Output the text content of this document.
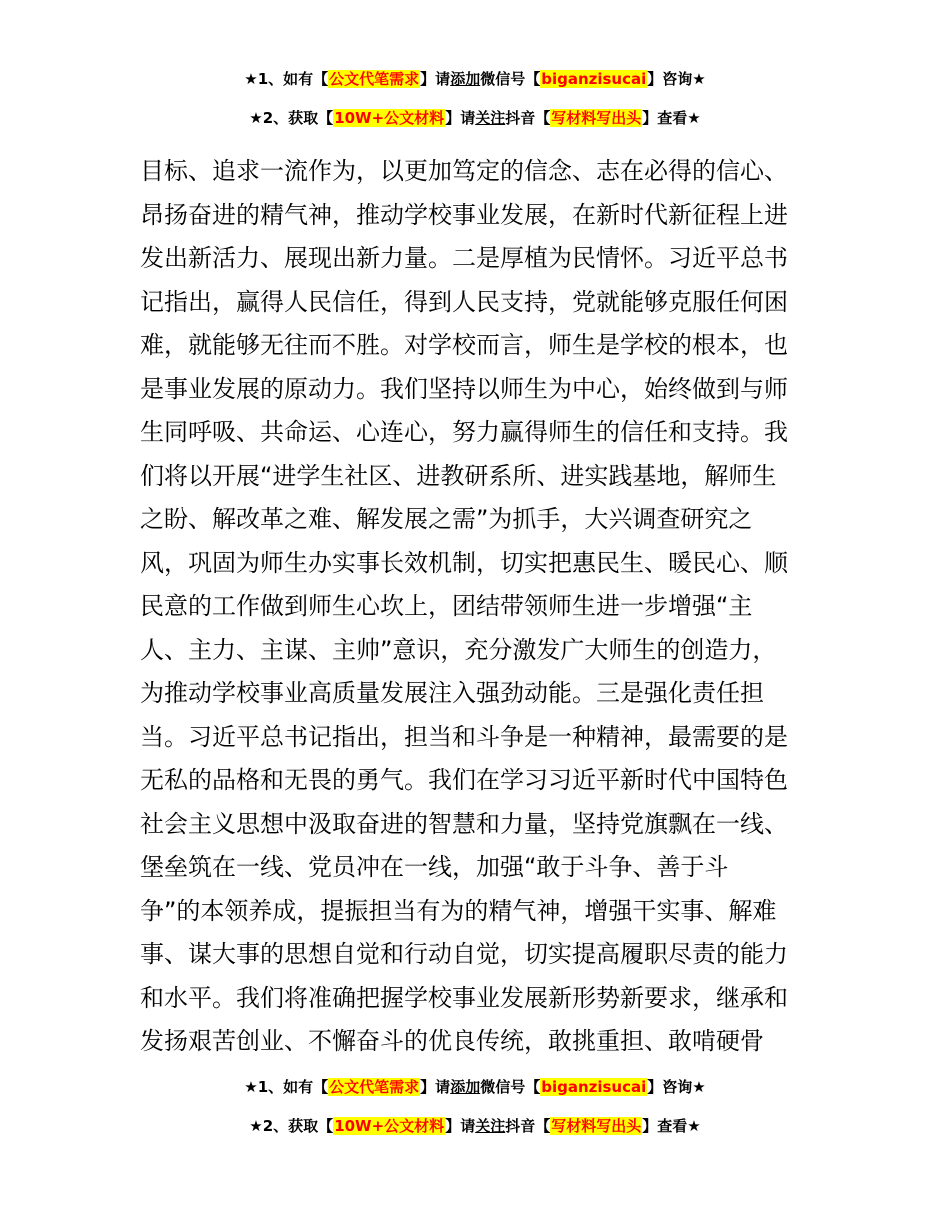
★1、如有【公文代笔需求】请添加微信号【biganzisucai】咨询★
★2、获取【10W+公文材料】请关注抖音【写材料写出头】查看★

目标、追求一流作为，以更加笃定的信念、志在必得的信心、
昂扬奋进的精气神，推动学校事业发展，在新时代新征程上进
发出新活力、展现出新力量。二是厚植为民情怀。习近平总书
记指出，赢得人民信任，得到人民支持，党就能够克服任何困
难，就能够无往而不胜。对学校而言，师生是学校的根本，也
是事业发展的原动力。我们坚持以师生为中心，始终做到与师
生同呼吸、共命运、心连心，努力赢得师生的信任和支持。我
们将以开展“进学生社区、进教研系所、进实践基地，解师生
之盼、解改革之难、解发展之需”为抓手，大兴调查研究之
风，巩固为师生办实事长效机制，切实把惠民生、暖民心、顺
民意的工作做到师生心坎上，团结带领师生进一步增强“主
人、主力、主谋、主帅”意识，充分激发广大师生的创造力，
为推动学校事业高质量发展注入强劲动能。三是强化责任担
当。习近平总书记指出，担当和斗争是一种精神，最需要的是
无私的品格和无畏的勇气。我们在学习习近平新时代中国特色
社会主义思想中汲取奋进的智慧和力量，坚持党旗飘在一线、
堡垒筑在一线、党员冲在一线，加强“敢于斗争、善于斗
争”的本领养成，提振担当有为的精气神，增强干实事、解难
事、谋大事的思想自觉和行动自觉，切实提高履职尽责的能力
和水平。我们将准确把握学校事业发展新形势新要求，继承和
发扬艰苦创业、不懈奋斗的优良传统，敢挑重担、敢啃硬骨

★1、如有【公文代笔需求】请添加微信号【biganzisucai】咨询★
★2、获取【10W+公文材料】请关注抖音【写材料写出头】查看★
